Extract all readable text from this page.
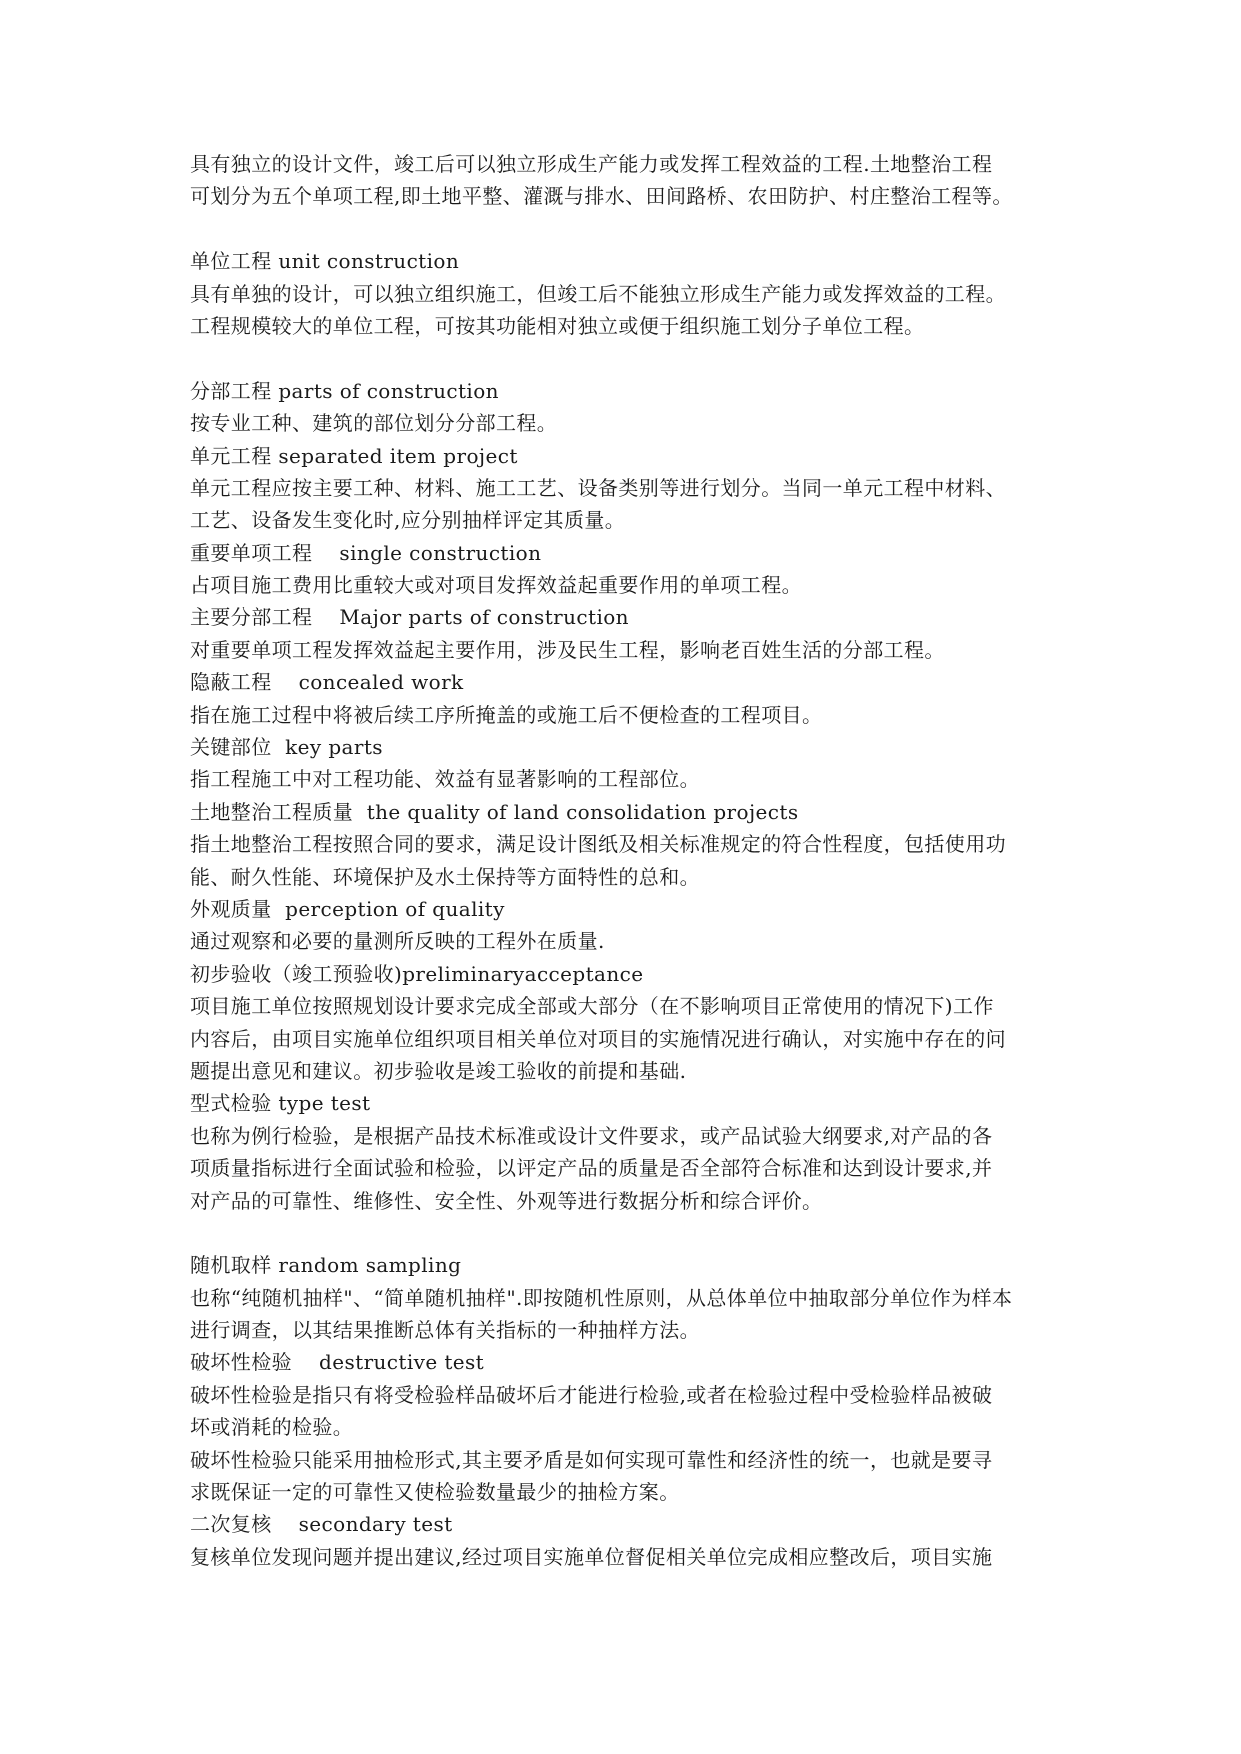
具有独立的设计文件，竣工后可以独立形成生产能力或发挥工程效益的工程.土地整治工程
可划分为五个单项工程,即土地平整、灌溉与排水、田间路桥、农田防护、村庄整治工程等。
单位工程 unit construction
具有单独的设计，可以独立组织施工，但竣工后不能独立形成生产能力或发挥效益的工程。
工程规模较大的单位工程，可按其功能相对独立或便于组织施工划分子单位工程。
分部工程 parts of construction
按专业工种、建筑的部位划分分部工程。
单元工程 separated item project
单元工程应按主要工种、材料、施工工艺、设备类别等进行划分。当同一单元工程中材料、
工艺、设备发生变化时,应分别抽样评定其质量。
重要单项工程    single construction
占项目施工费用比重较大或对项目发挥效益起重要作用的单项工程。
主要分部工程    Major parts of construction
对重要单项工程发挥效益起主要作用，涉及民生工程，影响老百姓生活的分部工程。
隐蔽工程    concealed work
指在施工过程中将被后续工序所掩盖的或施工后不便检查的工程项目。
关键部位  key parts
指工程施工中对工程功能、效益有显著影响的工程部位。
土地整治工程质量  the quality of land consolidation projects
指土地整治工程按照合同的要求，满足设计图纸及相关标准规定的符合性程度，包括使用功
能、耐久性能、环境保护及水土保持等方面特性的总和。
外观质量  perception of quality
通过观察和必要的量测所反映的工程外在质量.
初步验收（竣工预验收)preliminaryacceptance
项目施工单位按照规划设计要求完成全部或大部分（在不影响项目正常使用的情况下)工作
内容后，由项目实施单位组织项目相关单位对项目的实施情况进行确认，对实施中存在的问
题提出意见和建议。初步验收是竣工验收的前提和基础.
型式检验 type test
也称为例行检验，是根据产品技术标准或设计文件要求，或产品试验大纲要求,对产品的各
项质量指标进行全面试验和检验，以评定产品的质量是否全部符合标准和达到设计要求,并
对产品的可靠性、维修性、安全性、外观等进行数据分析和综合评价。
随机取样 random sampling
也称“纯随机抽样"、“简单随机抽样".即按随机性原则，从总体单位中抽取部分单位作为样本
进行调查，以其结果推断总体有关指标的一种抽样方法。
破坏性检验    destructive test
破坏性检验是指只有将受检验样品破坏后才能进行检验,或者在检验过程中受检验样品被破
坏或消耗的检验。
破坏性检验只能采用抽检形式,其主要矛盾是如何实现可靠性和经济性的统一，也就是要寻
求既保证一定的可靠性又使检验数量最少的抽检方案。
二次复核    secondary test
复核单位发现问题并提出建议,经过项目实施单位督促相关单位完成相应整改后，项目实施
